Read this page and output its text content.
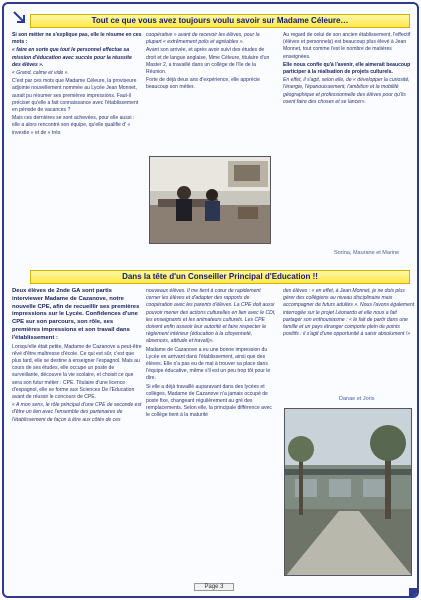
Tout ce que vous avez toujours voulu savoir sur Madame Céleure…

Si son métier ne s'explique pas, elle le résume en ces mots :

« faire en sorte que tout le personnel effectue sa mission d'éducation avec succès pour la réussite des élèves ».

« Grand, calme et vide ».

C'est par ces mots que Madame Céleure, la proviseure adjointe nouvellement nommée au Lycée Jean Monnet, aurait pu résumer ses premières impressions. Faut-il préciser qu'elle a fait connaissance avec l'établissement en période de vacances ?

Mais ces dernières se sont achevées, pour elle aussi : elle a alors rencontré son équipe, qu'elle qualifie d' « investie » et de « très

coopérative » avant de recevoir les élèves, pour la plupart « extrêmement polis et agréables ».

Avant son arrivée, et après avoir suivi des études de droit et de langue anglaise, Mme Céleure, titulaire d'un Master 2, a travaillé dans un collège de l'île de la Réunion.

Forte de déjà deux ans d'expérience, elle apprécie beaucoup son métier.

Au regard de celui de son ancien établissement, l'effectif (élèves et personnels) est beaucoup plus élevé à Jean Monnet, tout comme l'est le nombre de matières enseignées.

Elle nous confie qu'à l'avenir, elle aimerait beaucoup participer à la réalisation de projets culturels.

En effet, il s'agit, selon elle, de « développer la curiosité, l'énergie, l'épanouissement, l'ambition et la mobilité géographique et professionnelle des élèves pour qu'ils osent faire des choses et se lancer».

Sorina, Maurane et Marine
Dans la tête d'un Conseiller Principal d'Education !!

Deux élèves de 2nde GA sont partis interviewer Madame de Cazanove, notre nouvelle CPE, afin de recueillir ses premières impressions sur le Lycée. Confidences d'une CPE sur son parcours, son rôle, ses premières impressions et son travail dans l'établissement :

Lorsqu'elle était petite, Madame de Cazanove a peut-être rêvé d'être maîtresse d'école. Ce qui est sûr, c'est que plus tard, elle se destine à enseigner l'espagnol. Mais au cours de ses études, elle occupe un poste de surveillante, découvre la vie scolaire, et choisit ce que sera son futur métier : CPE. Titulaire d'une licence d'espagnol, elle se forme aux Sciences De l'Education avant de réussir le concours de CPE.

« A mon sens, le rôle principal d'une CPE de seconde est d'être un lien avec l'ensemble des partenaires de l'établissement de façon à être aux côtés de ces

nouveaux élèves. Il me tient à cœur de rapidement cerner les élèves et d'adapter des rapports de coopération avec les parents d'élèves. La CPE doit aussi pouvoir mener des actions culturelles en lien avec le CDI, les enseignants et les animateurs culturels. Les CPE doivent enfin asseoir leur autorité et faire respecter le règlement intérieur (éducation à la citoyenneté, absences, attitude et travail)».

Madame de Cazanove a eu une bonne impression du Lycée en arrivant dans l'établissement, ainsi que des élèves. Elle n'a pas eu de mal à trouver sa place dans l'équipe éducative, même s'il est un peu trop tôt pour le dire.

Si elle a déjà travaillé auparavant dans des lycées et collèges, Madame de Cazanove n'a jamais occupé de poste fixe, changeant régulièrement au gré des remplacements. Selon elle, la principale différence avec le collège tient à la maturité

des élèves : « en effet, à Jean Monnet, je ne dois plus gérer des collégiens au niveau disciplinaire mais accompagner de futurs adultes ». Nous l'avons également interrogée sur le projet Léonardo et elle nous a fait partager son enthousiasme : « le fait de partir dans une famille et un pays étranger comporte plein de points positifs : il s'agit d'une opportunité à saisir absolument !»

Danae et Joris
Page 3
